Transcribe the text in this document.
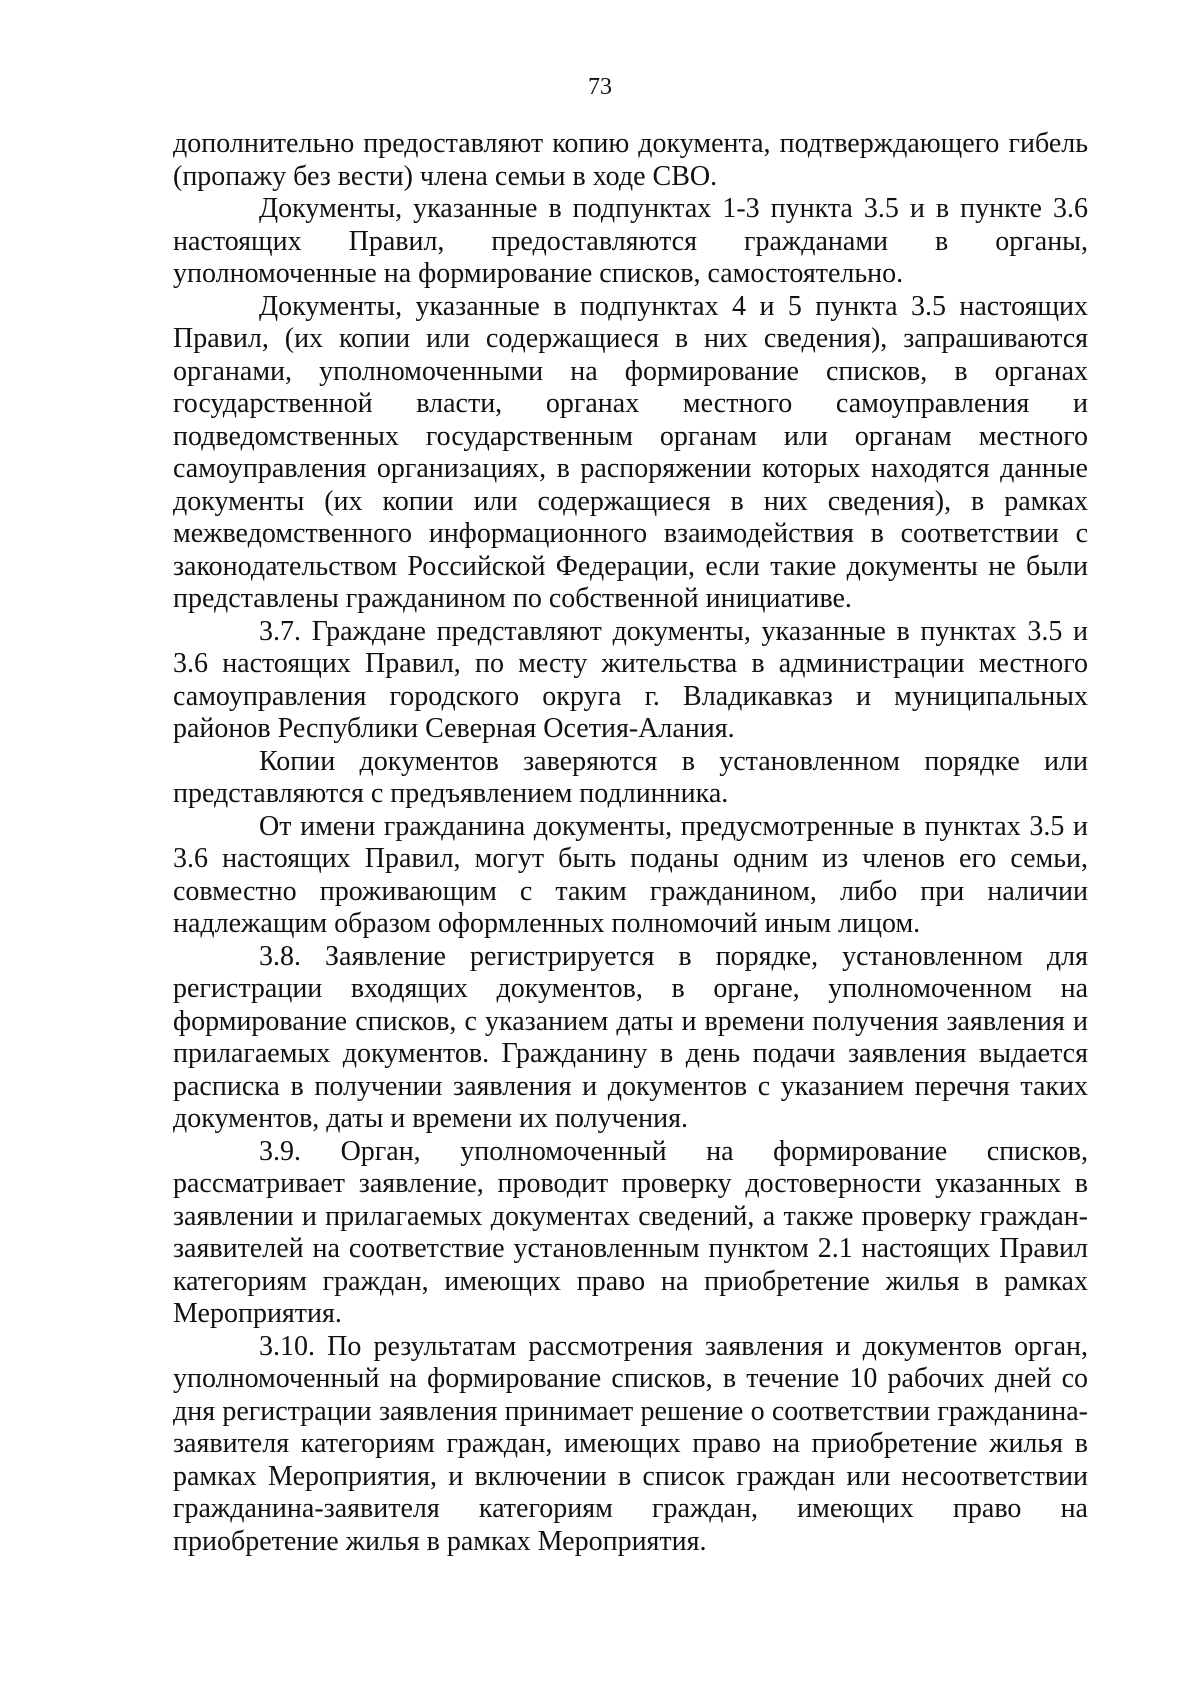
73

дополнительно предоставляют копию документа, подтверждающего гибель (пропажу без вести) члена семьи в ходе СВО.

Документы, указанные в подпунктах 1-3 пункта 3.5 и в пункте 3.6 настоящих Правил, предоставляются гражданами в органы, уполномоченные на формирование списков, самостоятельно.

Документы, указанные в подпунктах 4 и 5 пункта 3.5 настоящих Правил, (их копии или содержащиеся в них сведения), запрашиваются органами, уполномоченными на формирование списков, в органах государственной власти, органах местного самоуправления и подведомственных государственным органам или органам местного самоуправления организациях, в распоряжении которых находятся данные документы (их копии или содержащиеся в них сведения), в рамках межведомственного информационного взаимодействия в соответствии с законодательством Российской Федерации, если такие документы не были представлены гражданином по собственной инициативе.

3.7. Граждане представляют документы, указанные в пунктах 3.5 и 3.6 настоящих Правил, по месту жительства в администрации местного самоуправления городского округа г. Владикавказ и муниципальных районов Республики Северная Осетия-Алания.

Копии документов заверяются в установленном порядке или представляются с предъявлением подлинника.

От имени гражданина документы, предусмотренные в пунктах 3.5 и 3.6 настоящих Правил, могут быть поданы одним из членов его семьи, совместно проживающим с таким гражданином, либо при наличии надлежащим образом оформленных полномочий иным лицом.

3.8. Заявление регистрируется в порядке, установленном для регистрации входящих документов, в органе, уполномоченном на формирование списков, с указанием даты и времени получения заявления и прилагаемых документов. Гражданину в день подачи заявления выдается расписка в получении заявления и документов с указанием перечня таких документов, даты и времени их получения.

3.9. Орган, уполномоченный на формирование списков, рассматривает заявление, проводит проверку достоверности указанных в заявлении и прилагаемых документах сведений, а также проверку граждан-заявителей на соответствие установленным пунктом 2.1 настоящих Правил категориям граждан, имеющих право на приобретение жилья в рамках Мероприятия.

3.10. По результатам рассмотрения заявления и документов орган, уполномоченный на формирование списков, в течение 10 рабочих дней со дня регистрации заявления принимает решение о соответствии гражданина-заявителя категориям граждан, имеющих право на приобретение жилья в рамках Мероприятия, и включении в список граждан или несоответствии гражданина-заявителя категориям граждан, имеющих право на приобретение жилья в рамках Мероприятия.
